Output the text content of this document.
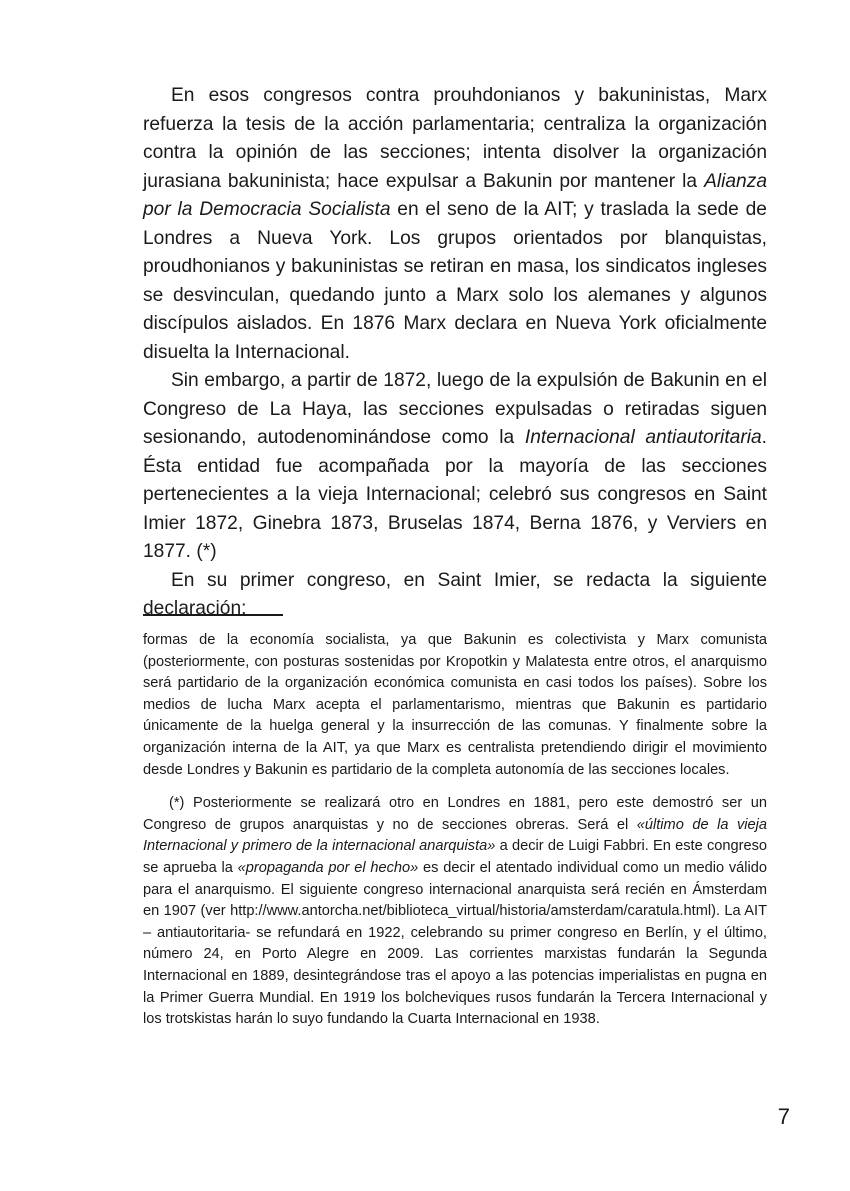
En esos congresos contra prouhdonianos y bakuninistas, Marx refuerza la tesis de la acción parlamentaria; centraliza la organización contra la opinión de las secciones; intenta disolver la organización jurasiana bakuninista; hace expulsar a Bakunin por mantener la Alianza por la Democracia Socialista en el seno de la AIT; y traslada la sede de Londres a Nueva York. Los grupos orientados por blanquistas, proudhonianos y bakuninistas se retiran en masa, los sindicatos ingleses se desvinculan, quedando junto a Marx solo los alemanes y algunos discípulos aislados. En 1876 Marx declara en Nueva York oficialmente disuelta la Internacional.

Sin embargo, a partir de 1872, luego de la expulsión de Bakunin en el Congreso de La Haya, las secciones expulsadas o retiradas siguen sesionando, autodenominándose como la Internacional antiautoritaria. Ésta entidad fue acompañada por la mayoría de las secciones pertenecientes a la vieja Internacional; celebró sus congresos en Saint Imier 1872, Ginebra 1873, Bruselas 1874, Berna 1876, y Verviers en 1877. (*)

En su primer congreso, en Saint Imier, se redacta la siguiente declaración:

formas de la economía socialista, ya que Bakunin es colectivista y Marx comunista (posteriormente, con posturas sostenidas por Kropotkin y Malatesta entre otros, el anarquismo será partidario de la organización económica comunista en casi todos los países). Sobre los medios de lucha Marx acepta el parlamentarismo, mientras que Bakunin es partidario únicamente de la huelga general y la insurrección de las comunas. Y finalmente sobre la organización interna de la AIT, ya que Marx es centralista pretendiendo dirigir el movimiento desde Londres y Bakunin es partidario de la completa autonomía de las secciones locales.

(*) Posteriormente se realizará otro en Londres en 1881, pero este demostró ser un Congreso de grupos anarquistas y no de secciones obreras. Será el «último de la vieja Internacional y primero de la internacional anarquista» a decir de Luigi Fabbri. En este congreso se aprueba la «propaganda por el hecho» es decir el atentado individual como un medio válido para el anarquismo. El siguiente congreso internacional anarquista será recién en Ámsterdam en 1907 (ver http://www.antorcha.net/biblioteca_virtual/historia/amsterdam/caratula.html). La AIT – antiautoritaria- se refundará en 1922, celebrando su primer congreso en Berlín, y el último, número 24, en Porto Alegre en 2009. Las corrientes marxistas fundarán la Segunda Internacional en 1889, desintegrándose tras el apoyo a las potencias imperialistas en pugna en la Primer Guerra Mundial. En 1919 los bolcheviques rusos fundarán la Tercera Internacional y los trotskistas harán lo suyo fundando la Cuarta Internacional en 1938.

7
